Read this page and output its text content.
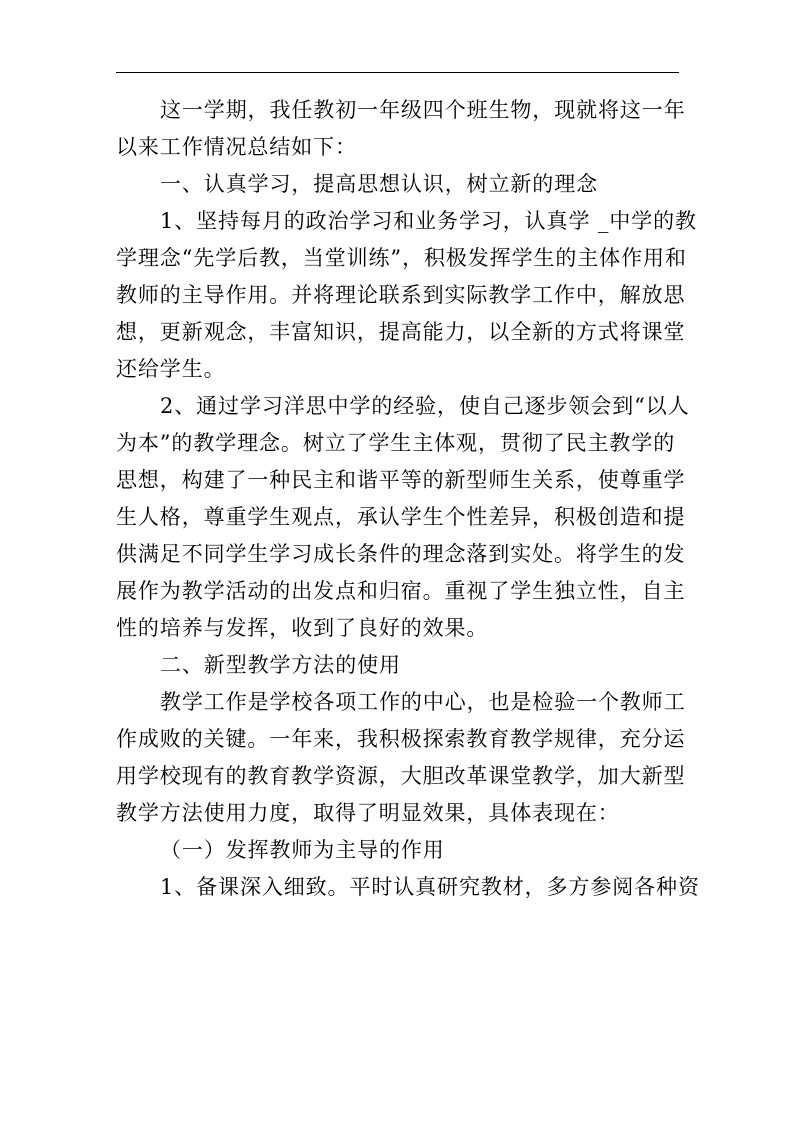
这一学期，我任教初一年级四个班生物，现就将这一年
以来工作情况总结如下：
一、认真学习，提高思想认识，树立新的理念
1、坚持每月的政治学习和业务学习，认真学 _中学的教
学理念“先学后教，当堂训练”，积极发挥学生的主体作用和
教师的主导作用。并将理论联系到实际教学工作中，解放思
想，更新观念，丰富知识，提高能力，以全新的方式将课堂
还给学生。
2、通过学习洋思中学的经验，使自己逐步领会到“以人
为本”的教学理念。树立了学生主体观，贯彻了民主教学的
思想，构建了一种民主和谐平等的新型师生关系，使尊重学
生人格，尊重学生观点，承认学生个性差异，积极创造和提
供满足不同学生学习成长条件的理念落到实处。将学生的发
展作为教学活动的出发点和归宿。重视了学生独立性，自主
性的培养与发挥，收到了良好的效果。
二、新型教学方法的使用
教学工作是学校各项工作的中心，也是检验一个教师工
作成败的关键。一年来，我积极探索教育教学规律，充分运
用学校现有的教育教学资源，大胆改革课堂教学，加大新型
教学方法使用力度，取得了明显效果，具体表现在：
（一）发挥教师为主导的作用
1、备课深入细致。平时认真研究教材，多方参阅各种资
